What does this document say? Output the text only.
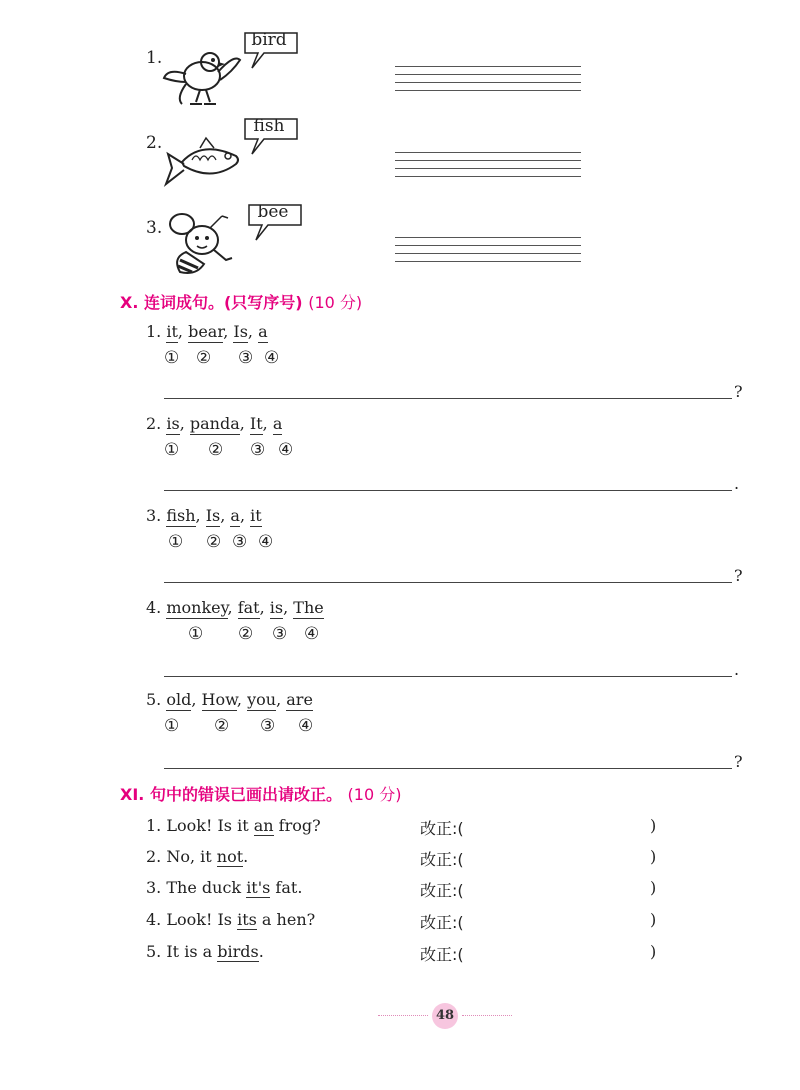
1.
bird
2.
fish
3.
bee
X. 连词成句。(只写序号) (10 分)
1. it, bear, Is, a
① ② ③ ④
?
2. is, panda, It, a
① ② ③ ④
.
3. fish, Is, a, it
① ② ③ ④
?
4. monkey, fat, is, The
① ② ③ ④
.
5. old, How, you, are
① ② ③ ④
?
XI. 句中的错误已画出请改正。 (10 分)
1. Look! Is it an frog?	改正:(	)
2. No, it not.	改正:(	)
3. The duck it's fat.	改正:(	)
4. Look! Is its a hen?	改正:(	)
5. It is a birds.	改正:(	)
48
